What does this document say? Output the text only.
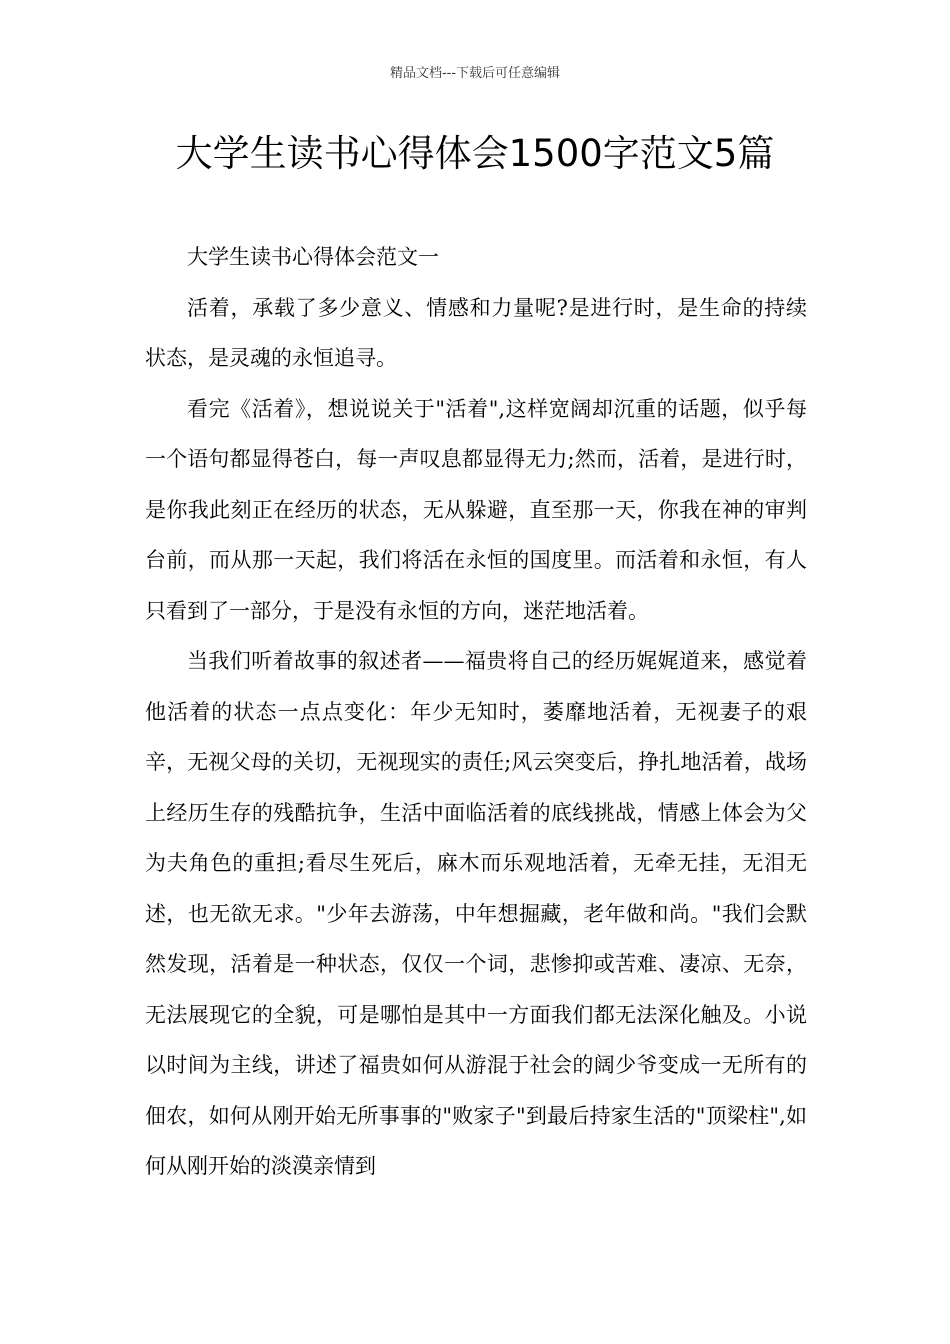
精品文档---下载后可任意编辑
大学生读书心得体会1500字范文5篇

大学生读书心得体会范文一

活着，承载了多少意义、情感和力量呢?是进行时，是生命的持续状态，是灵魂的永恒追寻。

看完《活着》，想说说关于"活着",这样宽阔却沉重的话题，似乎每一个语句都显得苍白，每一声叹息都显得无力;然而，活着，是进行时，是你我此刻正在经历的状态，无从躲避，直至那一天，你我在神的审判台前，而从那一天起，我们将活在永恒的国度里。而活着和永恒，有人只看到了一部分，于是没有永恒的方向，迷茫地活着。

当我们听着故事的叙述者——福贵将自己的经历娓娓道来，感觉着他活着的状态一点点变化：年少无知时，萎靡地活着，无视妻子的艰辛，无视父母的关切，无视现实的责任;风云突变后，挣扎地活着，战场上经历生存的残酷抗争，生活中面临活着的底线挑战，情感上体会为父为夫角色的重担;看尽生死后，麻木而乐观地活着，无牵无挂，无泪无述，也无欲无求。"少年去游荡，中年想掘藏，老年做和尚。"我们会默然发现，活着是一种状态，仅仅一个词，悲惨抑或苦难、凄凉、无奈，无法展现它的全貌，可是哪怕是其中一方面我们都无法深化触及。小说以时间为主线，讲述了福贵如何从游混于社会的阔少爷变成一无所有的佃农，如何从刚开始无所事事的"败家子"到最后持家生活的"顶梁柱",如何从刚开始的淡漠亲情到
